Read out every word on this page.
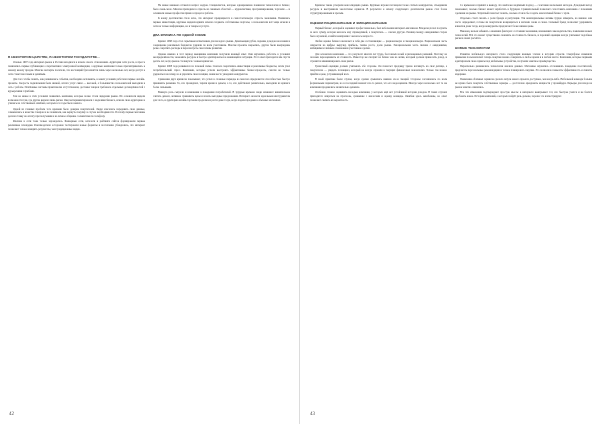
В НЕКОТОРОМ ЦАРСТВЕ, В НЕКОТОРОМ ГОСУДАРСТВЕ...

Осенью 1997 года интернет-рынок в России находился в начале своего становления. Аудитория сети росла, в прессе появлялись первые публикации о перспективах электронной коммерции, а крупные компании только присматривались к новому каналу продаж. Многие эксперты полагали, что настоящий бум начнётся лишь через несколько лет, когда доступ к сети станет массовым и дешёвым.

Для того чтобы понять, как развивались события, необходимо вспомнить, в каких условиях работали первые онлайн-проекты. Скорость подключения была низкой, оплата услуг связи — высокой, а большинство пользователей выходили в сеть с работы. Платёжные системы практически отсутствовали, доставка товаров требовала отдельных договорённостей с курьерскими службами.

Тем не менее в этих условиях появились компании, которые позже стали лидерами рынка. Их основатели видели возможности там, где другие видели лишь риски. Они экспериментировали с моделями бизнеса, искали свою аудиторию и учились на собственных ошибках, которых в те годы было немало.

Одной из главных проблем того времени было доверие покупателей. Люди опасались передавать свои данные, сомневались в качестве товаров и не понимали, как вернуть покупку в случае необходимости. Поэтому первые магазины делали ставку на оплату при получении и на личное общение с клиентами по телефону.

Реклама в сети тоже только зарождалась. Баннерные сети, каталоги и рейтинги сайтов формировали первые рекламные площадки. Рекламодатели осторожно тестировали новые форматы и постепенно убеждались, что интернет позволяет точнее измерять результаты, чем традиционные медиа.

Не менее важным оставался вопрос кадров. Специалистов, которые одновременно понимали технологии и бизнес, было очень мало. Многие приходили в отрасль из смежных областей — журналистики, программирования, торговли — и осваивали новые профессии прямо в процессе работы.

К концу десятилетия стало ясно, что интернет превращается в самостоятельную отрасль экономики. Появились первые инвестиции, крупные медиахолдинги начали создавать собственные порталы, а пользователи всё чаще искали в сети не только информацию, но и товары и услуги.

ДВА КРИЗИСА ПО ОДНОЙ СХЕМЕ

Кризис 1998 года стал серьёзным испытанием для молодого рынка. Девальвация рубля, падение доходов населения и сокращение рекламных бюджетов ударили по всем участникам. Многие проекты закрылись, другие были вынуждены резко сократить расходы и пересмотреть свои планы развития.

Однако именно в этот период выжившие компании получили важный опыт. Они научились работать в условиях неопределённости, экономить ресурсы и быстро адаптироваться к меняющейся ситуации. Этот опыт пригодился им спустя десять лет, когда рынок столкнулся с новым кризисом.

Кризис 2008 года развивался по похожей схеме. Сначала сократились инвестиции и рекламные бюджеты, затем упал потребительский спрос. Компании, которые успели выстроить эффективные бизнес-процессы, смогли не только удержаться на плаву, но и укрепить свои позиции, заняв место ушедших конкурентов.

Сравнение двух кризисов показывает, что успех в сложные периоды во многом определяется способностью быстро принимать решения. Те, кто промедлил, теряли время и деньги, а те, кто действовал решительно, выходили из кризиса более сильными.

Важную роль сыграли и изменения в поведении потребителей. В трудные времена люди начинают внимательнее считать деньги, активнее сравнивать цены и искать выгодные предложения. Интернет оказался идеальным инструментом для этого, и аудитория онлайн-торговли продолжала расти даже тогда, когда падали продажи в обычных магазинах.

42

Кризисы также ускорили консолидацию рынка. Крупные игроки поглощали более слабых конкурентов, объединяли ресурсы и выстраивали экосистемы сервисов. В результате к началу следующего десятилетия рынок стал более структурированным и зрелым.

ОЦЕНКИ РАЦИОНАЛЬНЫЕ И ЭМОЦИОНАЛЬНЫЕ

Первый бизнес, который я оценивал профессионально, был небольшим интернет-магазином. Владелец хотел получить за него сумму, которая казалась ему справедливой, а покупатель — совсем другую. Разница между ожиданиями сторон была огромной, и найти компромисс оказалось непросто.

Любая оценка бизнеса включает в себя две составляющие — рациональную и эмоциональную. Рациональная часть опирается на цифры: выручку, прибыль, темпы роста, долю рынка. Эмоциональная часть связана с ожиданиями, амбициями и личным отношением участников сделки.

Для основателя компания — это результат многих лет труда, бессонных ночей и рискованных решений. Поэтому он склонен переоценивать её стоимость. Инвестор же смотрит на бизнес как на актив, который должен приносить доход, и стремится минимизировать свои риски.

Грамотный оценщик должен учитывать обе стороны. Он помогает продавцу трезво взглянуть на своё детище, а покупателю — увидеть потенциал, который не всегда отражён в текущих финансовых показателях. Только так можно прийти к цене, устраивающей всех.

В моей практике были случаи, когда сделки срывались именно из-за эмоций. Стороны соглашались по всем формальным параметрам, но в последний момент кто-то решал, что его недооценили. Иногда через несколько лет те же компании продавались значительно дешевле.

Особенно сложно оценивать молодые компании, у которых ещё нет устойчивой истории доходов. В таких случаях приходится опираться на прогнозы, сравнение с аналогами и оценку команды. Ошибки здесь неизбежны, но опыт позволяет снизить их вероятность.

Со временем я пришёл к выводу, что наиболее надёжный подход — сочетание нескольких методов. Доходный метод показывает, сколько бизнес может заработать в будущем. Сравнительный позволяет сопоставить компанию с похожими сделками на рынке. Затратный помогает понять, сколько стоило бы создать аналогичный бизнес с нуля.

Отдельно стоит сказать о роли бренда и репутации. Эти нематериальные активы трудно измерить, но именно они часто определяют, готовы ли покупатели возвращаться в магазин снова и снова. Сильный бренд позволяет удерживать клиентов даже тогда, когда конкуренты предлагают более низкие цены.

Наконец, нельзя забывать о внешних факторах: состоянии экономики, изменениях законодательства, появлении новых технологий. Всё это может существенно повлиять на стоимость бизнеса, и хороший оценщик всегда учитывает подобные риски в своих расчётах.

НОВЫЕ ТЕХНОЛОГИИ

Развитие мобильного интернета стало следующим важным этапом в истории отрасли. Смартфоны изменили привычки пользователей: теперь покупки можно совершать в любое время и в любом месте. Компании, которые первыми адаптировали свои сервисы под мобильные устройства, получили заметное преимущество.

Параллельно развивались технологии анализа данных. Магазины научились отслеживать поведение посетителей, предлагать персональные рекомендации и точнее планировать закупки. Это позволило повысить эффективность и снизить издержки.

Появление облачных сервисов сделало запуск нового проекта доступнее, чем когда-либо. Небольшой команде больше не нужно было покупать собственные серверы — достаточно арендовать мощности у провайдера. Барьеры для входа на рынок заметно снизились.

Все эти изменения подтверждают простую мысль: в интернете выигрывает тот, кто быстрее учится и не боится пробовать новое. Истории компаний, о которых пойдёт речь дальше, хорошо это иллюстрируют.

43
